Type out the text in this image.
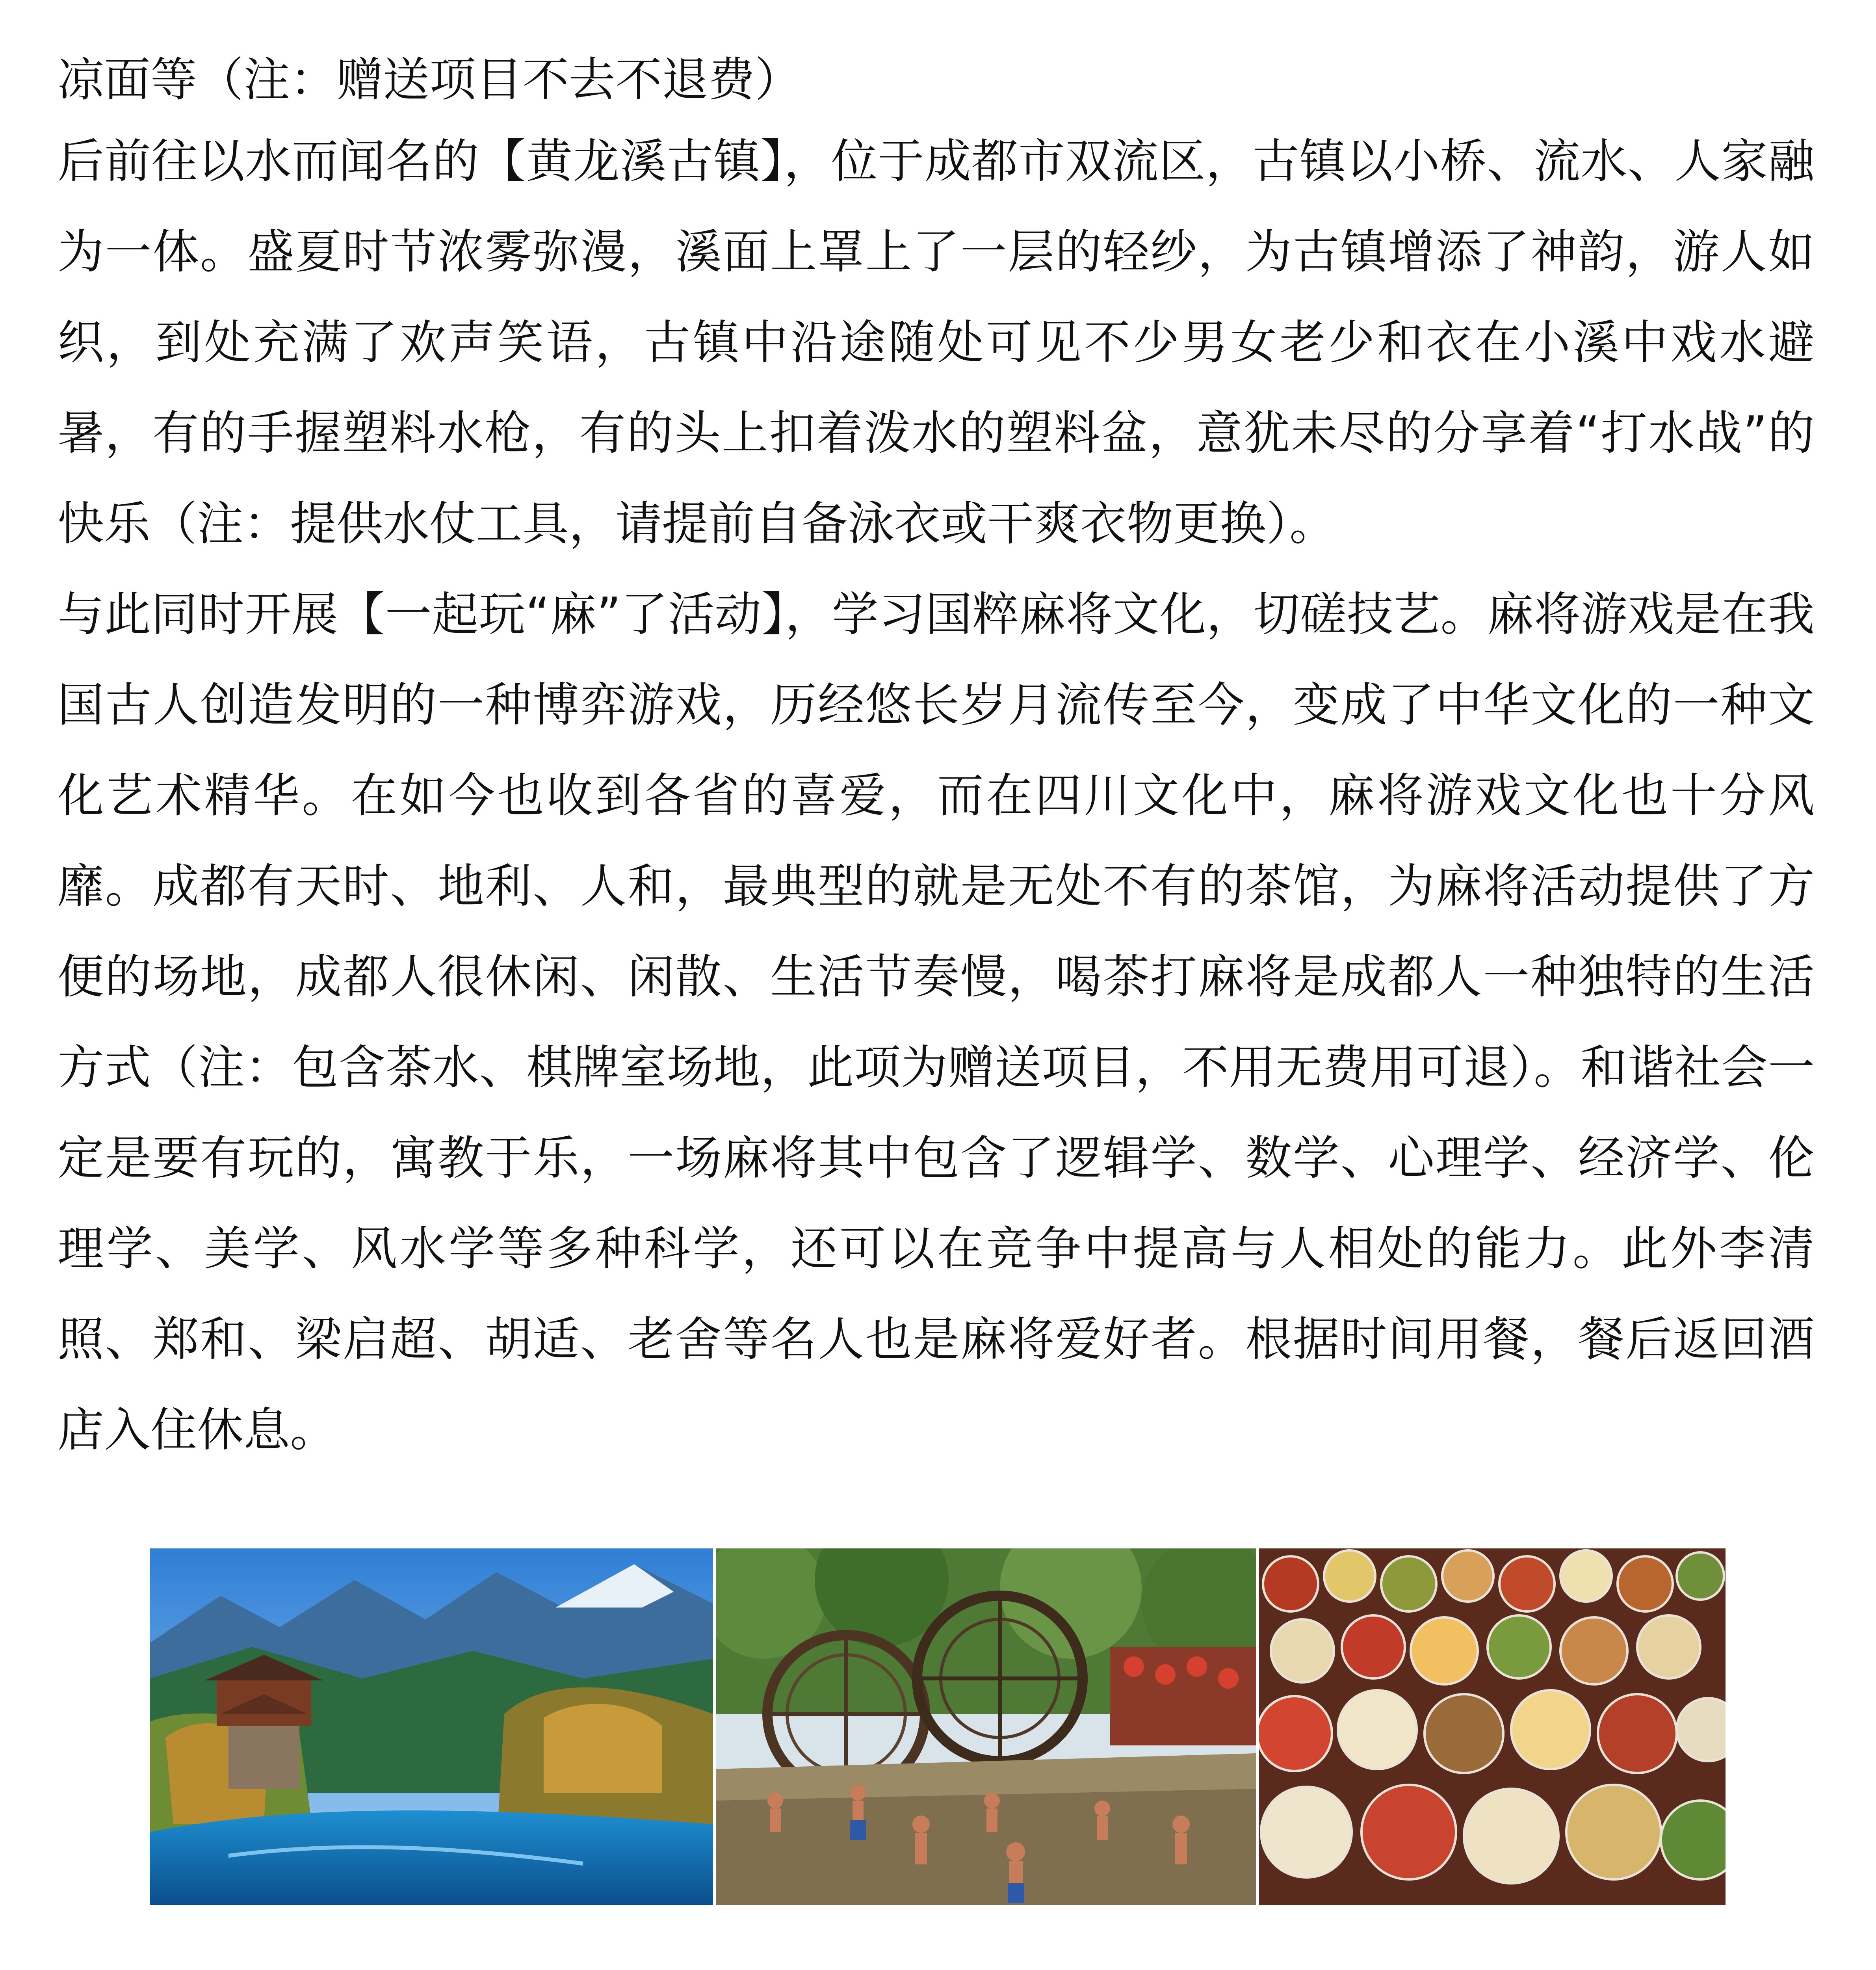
凉面等（注：赠送项目不去不退费）

后前往以水而闻名的【黄龙溪古镇】，位于成都市双流区，古镇以小桥、流水、人家融为一体。盛夏时节浓雾弥漫，溪面上罩上了一层的轻纱，为古镇增添了神韵，游人如织，到处充满了欢声笑语，古镇中沿途随处可见不少男女老少和衣在小溪中戏水避暑，有的手握塑料水枪，有的头上扣着泼水的塑料盆，意犹未尽的分享着“打水战”的快乐（注：提供水仗工具，请提前自备泳衣或干爽衣物更换）。

与此同时开展【一起玩“麻”了活动】，学习国粹麻将文化，切磋技艺。麻将游戏是在我国古人创造发明的一种博弈游戏，历经悠长岁月流传至今，变成了中华文化的一种文化艺术精华。在如今也收到各省的喜爱，而在四川文化中，麻将游戏文化也十分风靡。成都有天时、地利、人和，最典型的就是无处不有的茶馆，为麻将活动提供了方便的场地，成都人很休闲、闲散、生活节奏慢，喝茶打麻将是成都人一种独特的生活方式（注：包含茶水、棋牌室场地，此项为赠送项目，不用无费用可退）。和谐社会一定是要有玩的，寓教于乐，一场麻将其中包含了逻辑学、数学、心理学、经济学、伦理学、美学、风水学等多种科学，还可以在竞争中提高与人相处的能力。此外李清照、郑和、梁启超、胡适、老舍等名人也是麻将爱好者。根据时间用餐，餐后返回酒店入住休息。
